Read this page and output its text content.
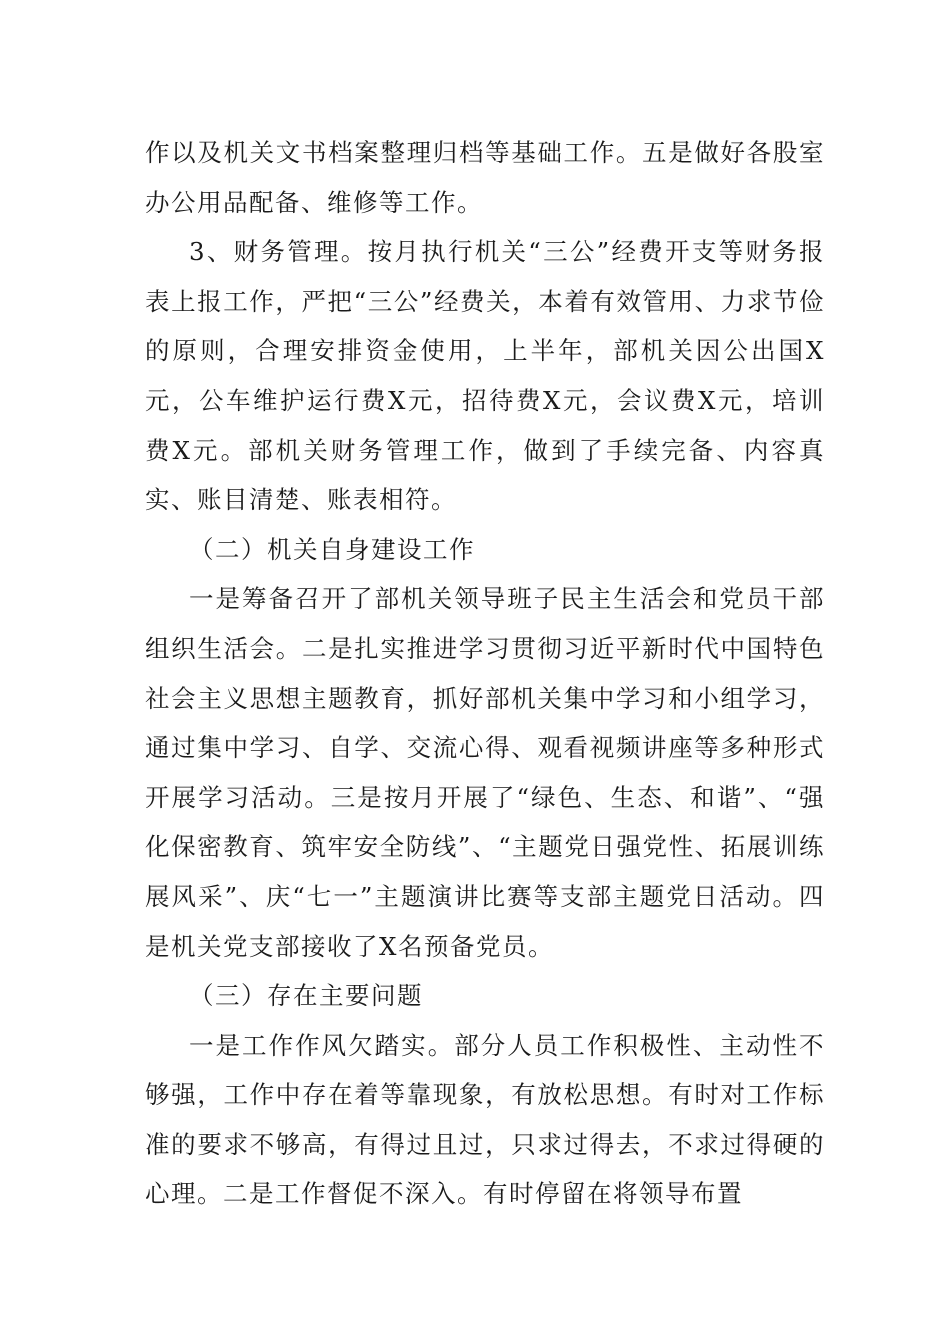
作以及机关文书档案整理归档等基础工作。五是做好各股室办公用品配备、维修等工作。

3、财务管理。按月执行机关“三公”经费开支等财务报表上报工作，严把“三公”经费关，本着有效管用、力求节俭的原则，合理安排资金使用，上半年，部机关因公出国X元，公车维护运行费X元，招待费X元，会议费X元，培训费X元。部机关财务管理工作，做到了手续完备、内容真实、账目清楚、账表相符。

（二）机关自身建设工作

一是筹备召开了部机关领导班子民主生活会和党员干部组织生活会。二是扎实推进学习贯彻习近平新时代中国特色社会主义思想主题教育，抓好部机关集中学习和小组学习，通过集中学习、自学、交流心得、观看视频讲座等多种形式开展学习活动。三是按月开展了“绿色、生态、和谐”、“强化保密教育、筑牢安全防线”、“主题党日强党性、拓展训练展风采”、庆“七一”主题演讲比赛等支部主题党日活动。四是机关党支部接收了X名预备党员。

（三）存在主要问题

一是工作作风欠踏实。部分人员工作积极性、主动性不够强，工作中存在着等靠现象，有放松思想。有时对工作标准的要求不够高，有得过且过，只求过得去，不求过得硬的心理。二是工作督促不深入。有时停留在将领导布置
